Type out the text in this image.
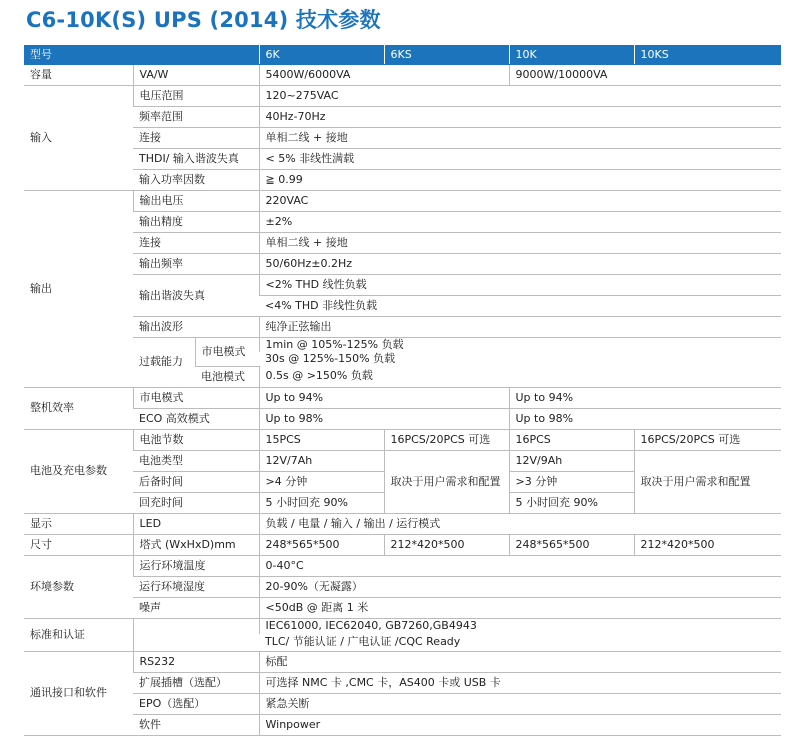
C6-10K(S) UPS (2014) 技术参数
型号			6K	6KS	10K	10KS
容量	VA/W		5400W/6000VA		9000W/10000VA	
输入	电压范围		120~275VAC			
	频率范围		40Hz-70Hz			
	连接		单相二线 + 接地			
	THDI/ 输入谐波失真		< 5% 非线性满载			
	输入功率因数		≧ 0.99			
输出	输出电压		220VAC			
	输出精度		±2%			
	连接		单相二线 + 接地			
	输出频率		50/60Hz±0.2Hz			
	输出谐波失真		<2% THD 线性负载			
			<4% THD 非线性负载			
	输出波形		纯净正弦输出			
	过载能力	市电模式	1min @ 105%-125% 负载			
			30s @ 125%-150% 负载			
		电池模式	0.5s @ >150% 负载			
整机效率	市电模式		Up to 94%		Up to 94%	
	ECO 高效模式		Up to 98%		Up to 98%	
电池及充电参数	电池节数		15PCS	16PCS/20PCS 可选	16PCS	16PCS/20PCS 可选
	电池类型		12V/7Ah	取决于用户需求和配置	12V/9Ah	取决于用户需求和配置
	后备时间		>4 分钟		>3 分钟	
	回充时间		5 小时回充 90%		5 小时回充 90%	
显示	LED		负载 / 电量 / 输入 / 输出 / 运行模式			
尺寸	塔式 (WxHxD)mm		248*565*500	212*420*500	248*565*500	212*420*500
环境参数	运行环境温度		0-40°C			
	运行环境湿度		20-90%（无凝露）			
	噪声		<50dB @ 距离 1 米			
标准和认证			IEC61000, IEC62040, GB7260,GB4943			
			TLC/ 节能认证 / 广电认证 /CQC Ready			
通讯接口和软件	RS232		标配			
	扩展插槽（选配）		可选择 NMC 卡 ,CMC 卡，AS400 卡或 USB 卡			
	EPO（选配）		紧急关断			
	软件		Winpower			
